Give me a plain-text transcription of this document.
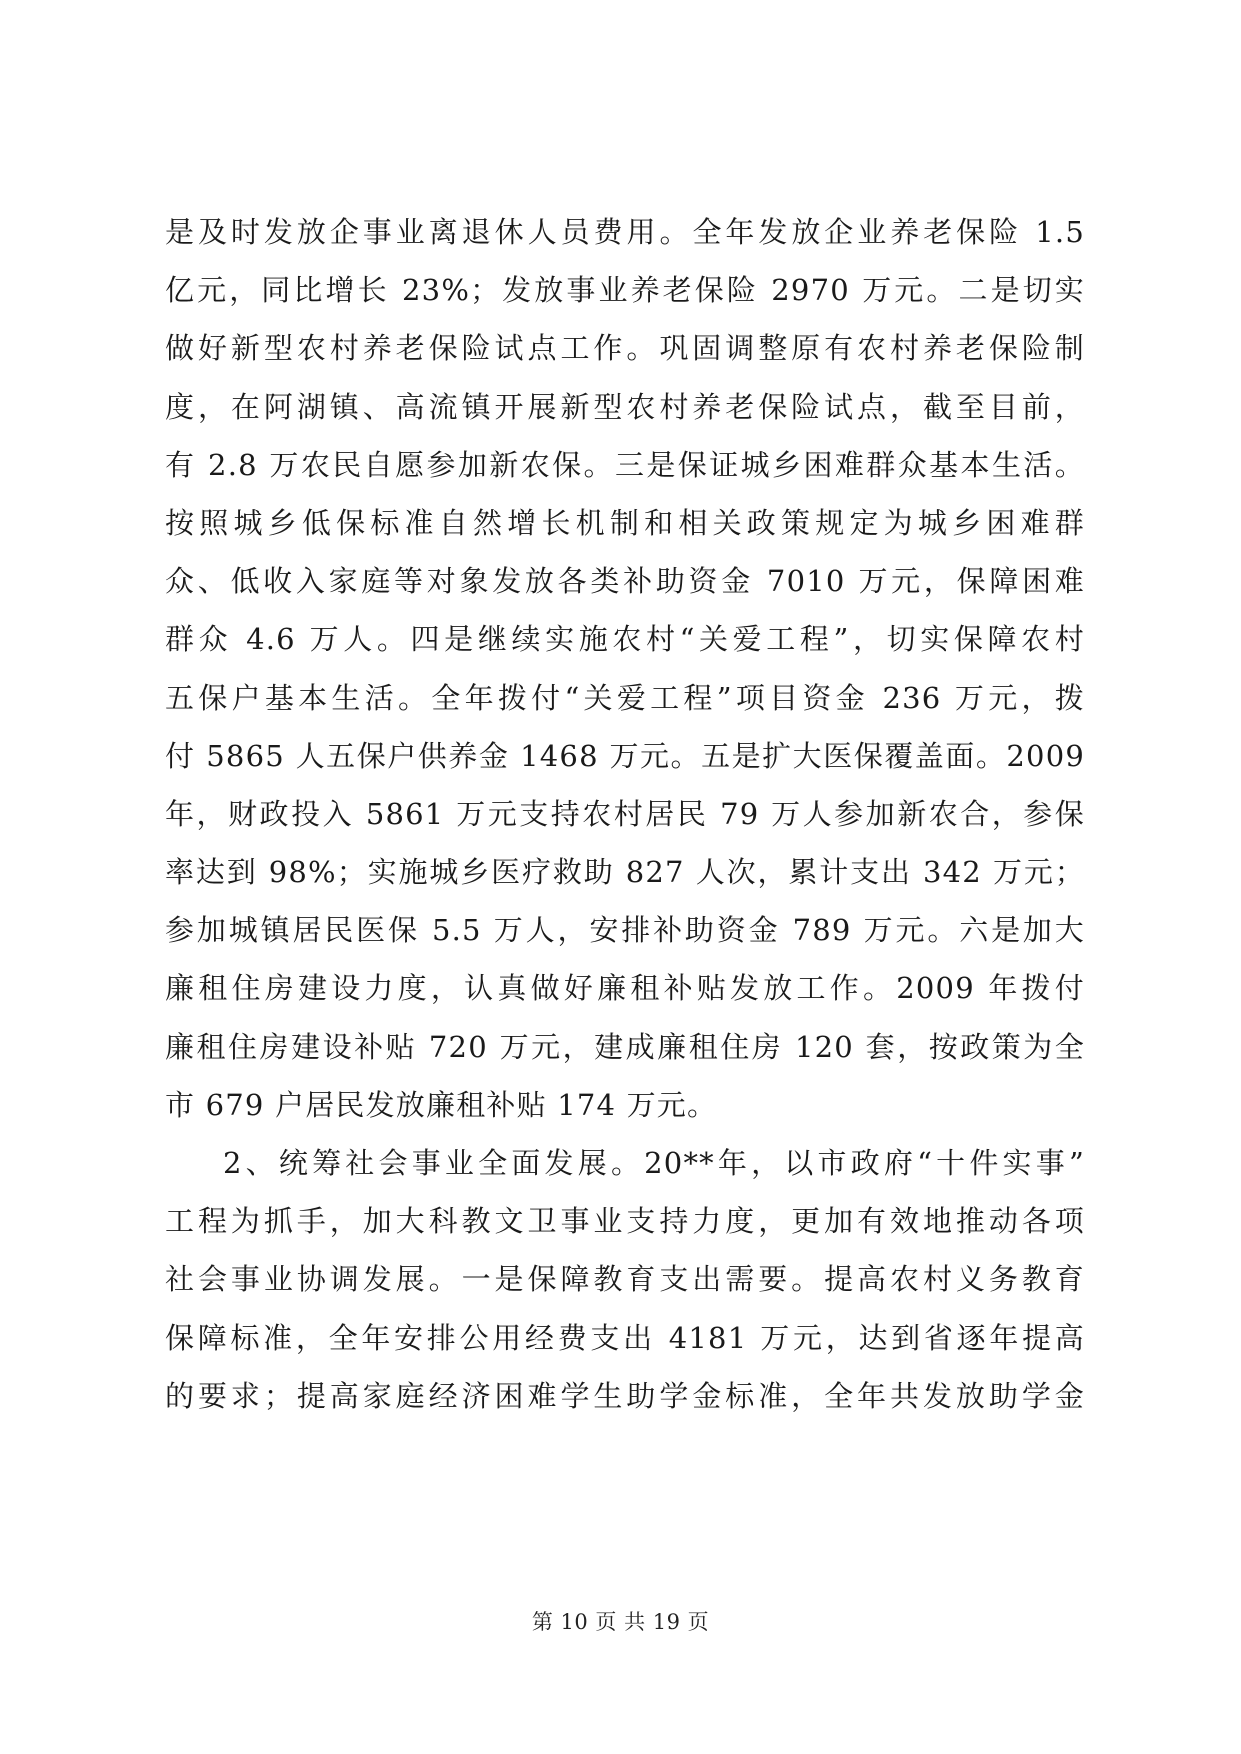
是及时发放企事业离退休人员费用。全年发放企业养老保险 1.5
亿元，同比增长 23%；发放事业养老保险 2970 万元。二是切实
做好新型农村养老保险试点工作。巩固调整原有农村养老保险制
度，在阿湖镇、高流镇开展新型农村养老保险试点，截至目前，
有 2.8 万农民自愿参加新农保。三是保证城乡困难群众基本生活。
按照城乡低保标准自然增长机制和相关政策规定为城乡困难群
众、低收入家庭等对象发放各类补助资金 7010 万元，保障困难
群众 4.6 万人。四是继续实施农村“关爱工程”，切实保障农村
五保户基本生活。全年拨付“关爱工程”项目资金 236 万元，拨
付 5865 人五保户供养金 1468 万元。五是扩大医保覆盖面。2009
年，财政投入 5861 万元支持农村居民 79 万人参加新农合，参保
率达到 98%；实施城乡医疗救助 827 人次，累计支出 342 万元；
参加城镇居民医保 5.5 万人，安排补助资金 789 万元。六是加大
廉租住房建设力度，认真做好廉租补贴发放工作。2009 年拨付
廉租住房建设补贴 720 万元，建成廉租住房 120 套，按政策为全
市 679 户居民发放廉租补贴 174 万元。
2、统筹社会事业全面发展。20**年，以市政府“十件实事”
工程为抓手，加大科教文卫事业支持力度，更加有效地推动各项
社会事业协调发展。一是保障教育支出需要。提高农村义务教育
保障标准，全年安排公用经费支出 4181 万元，达到省逐年提高
的要求；提高家庭经济困难学生助学金标准，全年共发放助学金
第 10 页 共 19 页
